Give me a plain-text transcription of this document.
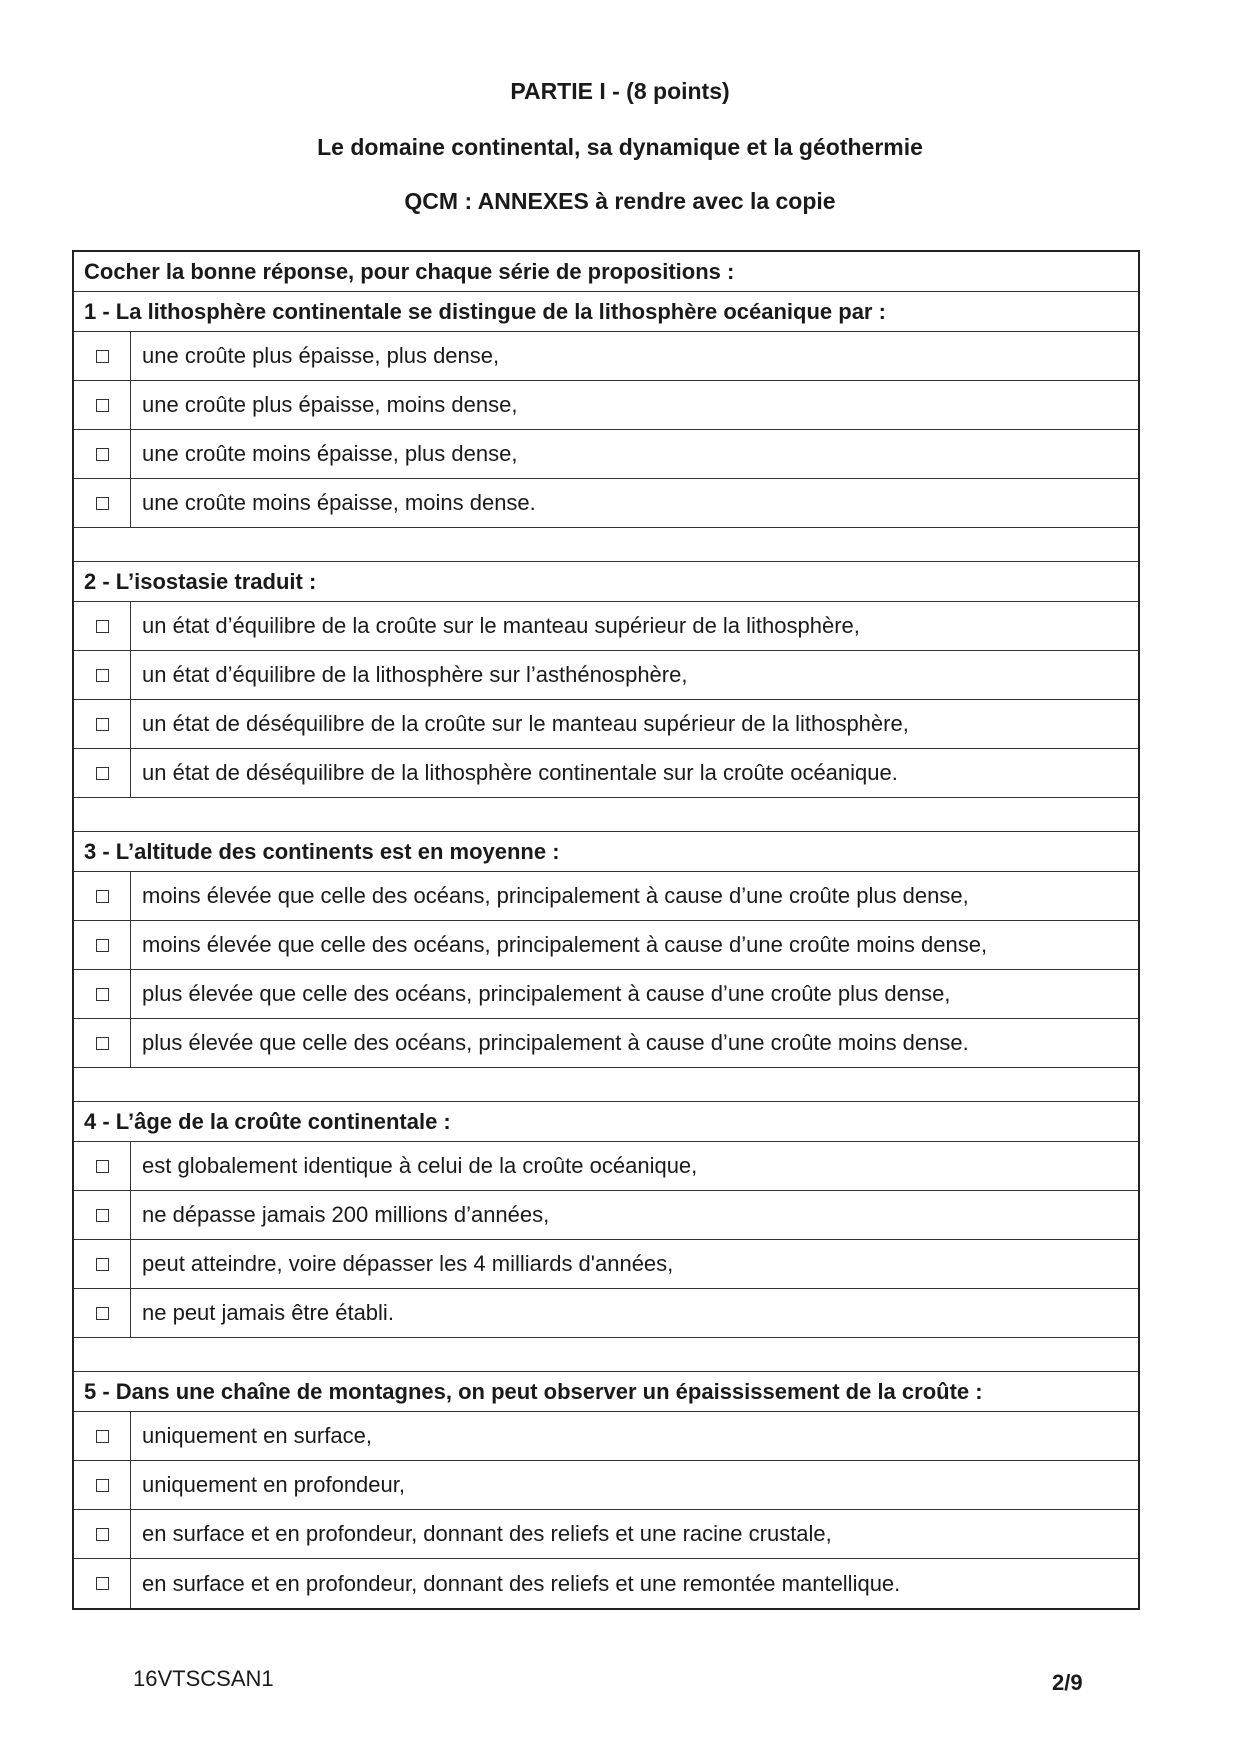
PARTIE I - (8 points)
Le domaine continental, sa dynamique et la géothermie
QCM : ANNEXES à rendre avec la copie
Cocher la bonne réponse, pour chaque série de propositions :
1 - La lithosphère continentale se distingue de la lithosphère océanique par :
une croûte plus épaisse, plus dense,
une croûte plus épaisse, moins dense,
une croûte moins épaisse, plus dense,
une croûte moins épaisse, moins dense.
2 - L’isostasie traduit :
un état d’équilibre de la croûte sur le manteau supérieur de la lithosphère,
un état d’équilibre de la lithosphère sur l’asthénosphère,
un état de déséquilibre de la croûte sur le manteau supérieur de la lithosphère,
un état de déséquilibre de la lithosphère continentale sur la croûte océanique.
3 - L’altitude des continents est en moyenne :
moins élevée que celle des océans, principalement à cause d’une croûte plus dense,
moins élevée que celle des océans, principalement à cause d’une croûte moins dense,
plus élevée que celle des océans, principalement à cause d’une croûte plus dense,
plus élevée que celle des océans, principalement à cause d’une croûte moins dense.
4 - L’âge de la croûte continentale :
est globalement identique à celui de la croûte océanique,
ne dépasse jamais 200 millions d’années,
peut atteindre, voire dépasser les 4 milliards d'années,
ne peut jamais être établi.
5 - Dans une chaîne de montagnes, on peut observer un épaississement de la croûte :
uniquement en surface,
uniquement en profondeur,
en surface et en profondeur, donnant des reliefs et une racine crustale,
en surface et en profondeur, donnant des reliefs et une remontée mantellique.
16VTSCSAN1	2/9
